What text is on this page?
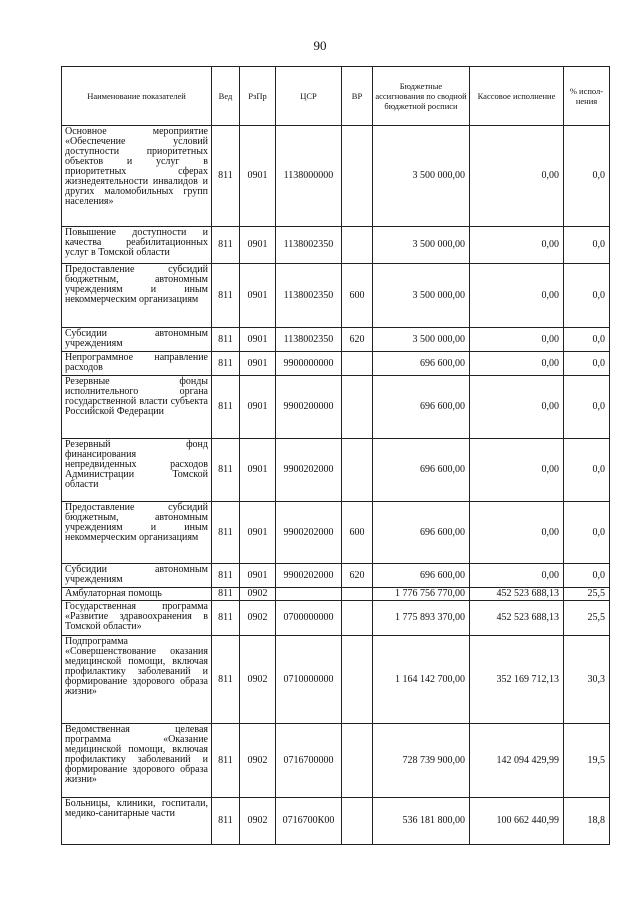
90
Наименование показателей	Вед	РзПр	ЦСР	ВР	Бюджетные ассигнования по сводной бюджетной росписи	Кассовое исполнение	% испол-нения
Основное мероприятие «Обеспечение условий доступности приоритетных объектов и услуг в приоритетных сферах жизнедеятельности инвалидов и других маломобильных групп населения»	811	0901	1138000000		3 500 000,00	0,00	0,0
Повышение доступности и качества реабилитационных услуг в Томской области	811	0901	1138002350		3 500 000,00	0,00	0,0
Предоставление субсидий бюджетным, автономным учреждениям и иным некоммерческим организациям	811	0901	1138002350	600	3 500 000,00	0,00	0,0
Субсидии автономным учреждениям	811	0901	1138002350	620	3 500 000,00	0,00	0,0
Непрограммное направление расходов	811	0901	9900000000		696 600,00	0,00	0,0
Резервные фонды исполнительного органа государственной власти субъекта Российской Федерации	811	0901	9900200000		696 600,00	0,00	0,0
Резервный фонд финансирования непредвиденных расходов Администрации Томской области	811	0901	9900202000		696 600,00	0,00	0,0
Предоставление субсидий бюджетным, автономным учреждениям и иным некоммерческим организациям	811	0901	9900202000	600	696 600,00	0,00	0,0
Субсидии автономным учреждениям	811	0901	9900202000	620	696 600,00	0,00	0,0
Амбулаторная помощь	811	0902			1 776 756 770,00	452 523 688,13	25,5
Государственная программа «Развитие здравоохранения в Томской области»	811	0902	0700000000		1 775 893 370,00	452 523 688,13	25,5
Подпрограмма «Совершенствование оказания медицинской помощи, включая профилактику заболеваний и формирование здорового образа жизни»	811	0902	0710000000		1 164 142 700,00	352 169 712,13	30,3
Ведомственная целевая программа «Оказание медицинской помощи, включая профилактику заболеваний и формирование здорового образа жизни»	811	0902	0716700000		728 739 900,00	142 094 429,99	19,5
Больницы, клиники, госпитали, медико-санитарные части	811	0902	0716700К00		536 181 800,00	100 662 440,99	18,8
